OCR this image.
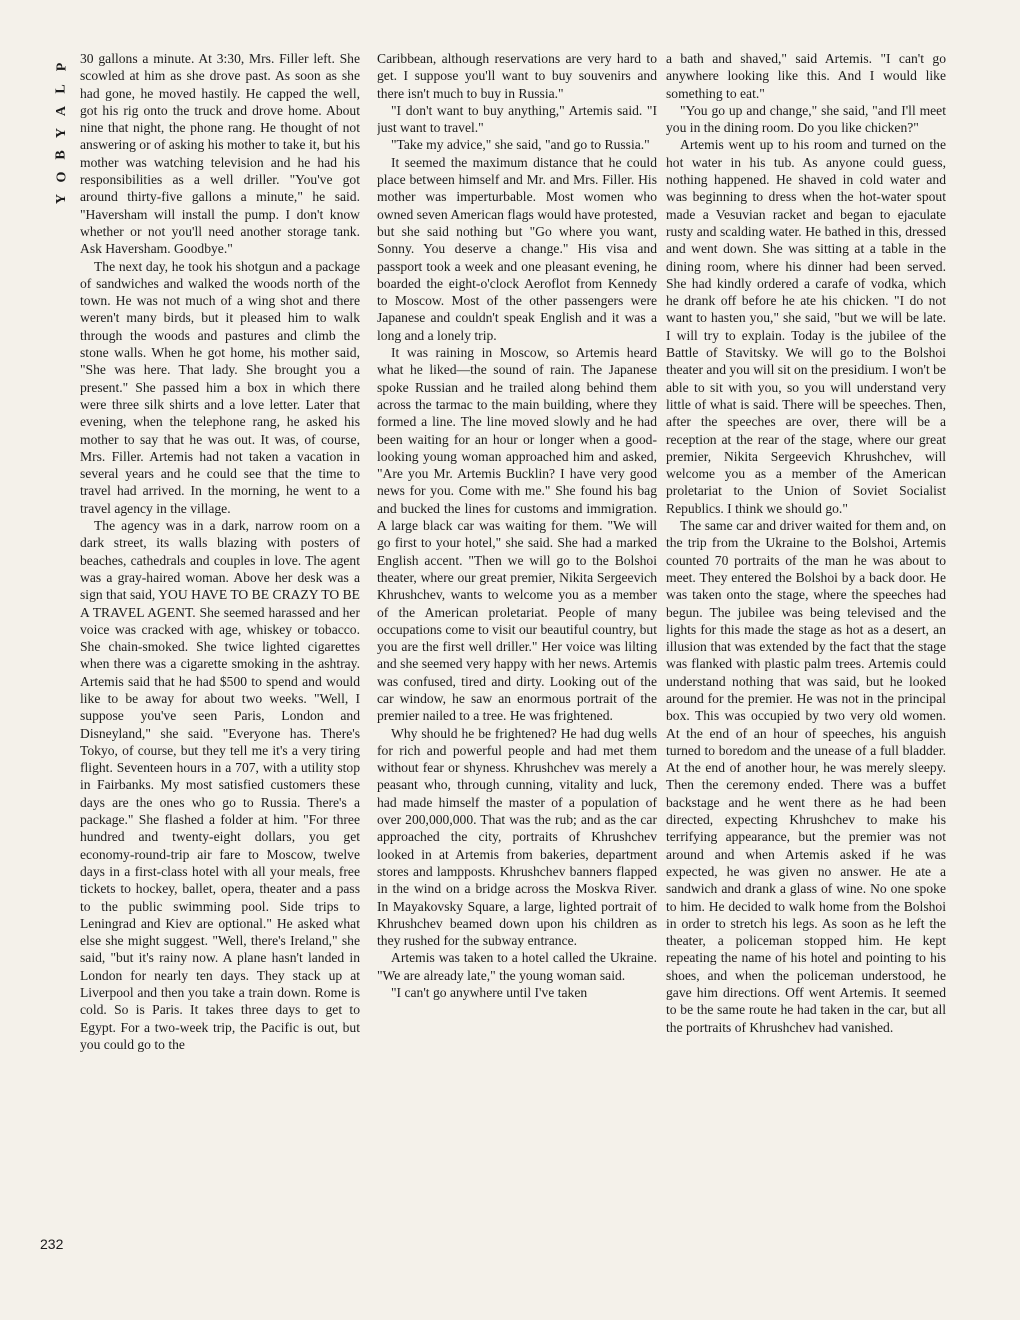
P
L
A
Y
B
O
Y
232

30 gallons a minute. At 3:30, Mrs. Filler left. She scowled at him as she drove past. As soon as she had gone, he moved hastily. He capped the well, got his rig onto the truck and drove home. About nine that night, the phone rang. He thought of not answering or of asking his mother to take it, but his mother was watching television and he had his responsibilities as a well driller. "You've got around thirty-five gallons a minute," he said. "Haversham will install the pump. I don't know whether or not you'll need another storage tank. Ask Haversham. Goodbye."

The next day, he took his shotgun and a package of sandwiches and walked the woods north of the town. He was not much of a wing shot and there weren't many birds, but it pleased him to walk through the woods and pastures and climb the stone walls. When he got home, his mother said, "She was here. That lady. She brought you a present." She passed him a box in which there were three silk shirts and a love letter. Later that evening, when the telephone rang, he asked his mother to say that he was out. It was, of course, Mrs. Filler. Artemis had not taken a vacation in several years and he could see that the time to travel had arrived. In the morning, he went to a travel agency in the village.

The agency was in a dark, narrow room on a dark street, its walls blazing with posters of beaches, cathedrals and couples in love. The agent was a gray-haired woman. Above her desk was a sign that said, YOU HAVE TO BE CRAZY TO BE A TRAVEL AGENT. She seemed harassed and her voice was cracked with age, whiskey or tobacco. She chain-smoked. She twice lighted cigarettes when there was a cigarette smoking in the ashtray. Artemis said that he had $500 to spend and would like to be away for about two weeks. "Well, I suppose you've seen Paris, London and Disneyland," she said. "Everyone has. There's Tokyo, of course, but they tell me it's a very tiring flight. Seventeen hours in a 707, with a utility stop in Fairbanks. My most satisfied customers these days are the ones who go to Russia. There's a package." She flashed a folder at him. "For three hundred and twenty-eight dollars, you get economy-round-trip air fare to Moscow, twelve days in a first-class hotel with all your meals, free tickets to hockey, ballet, opera, theater and a pass to the public swimming pool. Side trips to Leningrad and Kiev are optional." He asked what else she might suggest. "Well, there's Ireland," she said, "but it's rainy now. A plane hasn't landed in London for nearly ten days. They stack up at Liverpool and then you take a train down. Rome is cold. So is Paris. It takes three days to get to Egypt. For a two-week trip, the Pacific is out, but you could go to the

Caribbean, although reservations are very hard to get. I suppose you'll want to buy souvenirs and there isn't much to buy in Russia."

"I don't want to buy anything," Artemis said. "I just want to travel."

"Take my advice," she said, "and go to Russia."

It seemed the maximum distance that he could place between himself and Mr. and Mrs. Filler. His mother was imperturbable. Most women who owned seven American flags would have protested, but she said nothing but "Go where you want, Sonny. You deserve a change." His visa and passport took a week and one pleasant evening, he boarded the eight-o'clock Aeroflot from Kennedy to Moscow. Most of the other passengers were Japanese and couldn't speak English and it was a long and a lonely trip.

It was raining in Moscow, so Artemis heard what he liked—the sound of rain. The Japanese spoke Russian and he trailed along behind them across the tarmac to the main building, where they formed a line. The line moved slowly and he had been waiting for an hour or longer when a good-looking young woman approached him and asked, "Are you Mr. Artemis Bucklin? I have very good news for you. Come with me." She found his bag and bucked the lines for customs and immigration. A large black car was waiting for them. "We will go first to your hotel," she said. She had a marked English accent. "Then we will go to the Bolshoi theater, where our great premier, Nikita Sergeevich Khrushchev, wants to welcome you as a member of the American proletariat. People of many occupations come to visit our beautiful country, but you are the first well driller." Her voice was lilting and she seemed very happy with her news. Artemis was confused, tired and dirty. Looking out of the car window, he saw an enormous portrait of the premier nailed to a tree. He was frightened.

Why should he be frightened? He had dug wells for rich and powerful people and had met them without fear or shyness. Khrushchev was merely a peasant who, through cunning, vitality and luck, had made himself the master of a population of over 200,000,000. That was the rub; and as the car approached the city, portraits of Khrushchev looked in at Artemis from bakeries, department stores and lampposts. Khrushchev banners flapped in the wind on a bridge across the Moskva River. In Mayakovsky Square, a large, lighted portrait of Khrushchev beamed down upon his children as they rushed for the subway entrance.

Artemis was taken to a hotel called the Ukraine. "We are already late," the young woman said.

"I can't go anywhere until I've taken

a bath and shaved," said Artemis. "I can't go anywhere looking like this. And I would like something to eat."

"You go up and change," she said, "and I'll meet you in the dining room. Do you like chicken?"

Artemis went up to his room and turned on the hot water in his tub. As anyone could guess, nothing happened. He shaved in cold water and was beginning to dress when the hot-water spout made a Vesuvian racket and began to ejaculate rusty and scalding water. He bathed in this, dressed and went down. She was sitting at a table in the dining room, where his dinner had been served. She had kindly ordered a carafe of vodka, which he drank off before he ate his chicken. "I do not want to hasten you," she said, "but we will be late. I will try to explain. Today is the jubilee of the Battle of Stavitsky. We will go to the Bolshoi theater and you will sit on the presidium. I won't be able to sit with you, so you will understand very little of what is said. There will be speeches. Then, after the speeches are over, there will be a reception at the rear of the stage, where our great premier, Nikita Sergeevich Khrushchev, will welcome you as a member of the American proletariat to the Union of Soviet Socialist Republics. I think we should go."

The same car and driver waited for them and, on the trip from the Ukraine to the Bolshoi, Artemis counted 70 portraits of the man he was about to meet. They entered the Bolshoi by a back door. He was taken onto the stage, where the speeches had begun. The jubilee was being televised and the lights for this made the stage as hot as a desert, an illusion that was extended by the fact that the stage was flanked with plastic palm trees. Artemis could understand nothing that was said, but he looked around for the premier. He was not in the principal box. This was occupied by two very old women. At the end of an hour of speeches, his anguish turned to boredom and the unease of a full bladder. At the end of another hour, he was merely sleepy. Then the ceremony ended. There was a buffet backstage and he went there as he had been directed, expecting Khrushchev to make his terrifying appearance, but the premier was not around and when Artemis asked if he was expected, he was given no answer. He ate a sandwich and drank a glass of wine. No one spoke to him. He decided to walk home from the Bolshoi in order to stretch his legs. As soon as he left the theater, a policeman stopped him. He kept repeating the name of his hotel and pointing to his shoes, and when the policeman understood, he gave him directions. Off went Artemis. It seemed to be the same route he had taken in the car, but all the portraits of Khrushchev had vanished.
